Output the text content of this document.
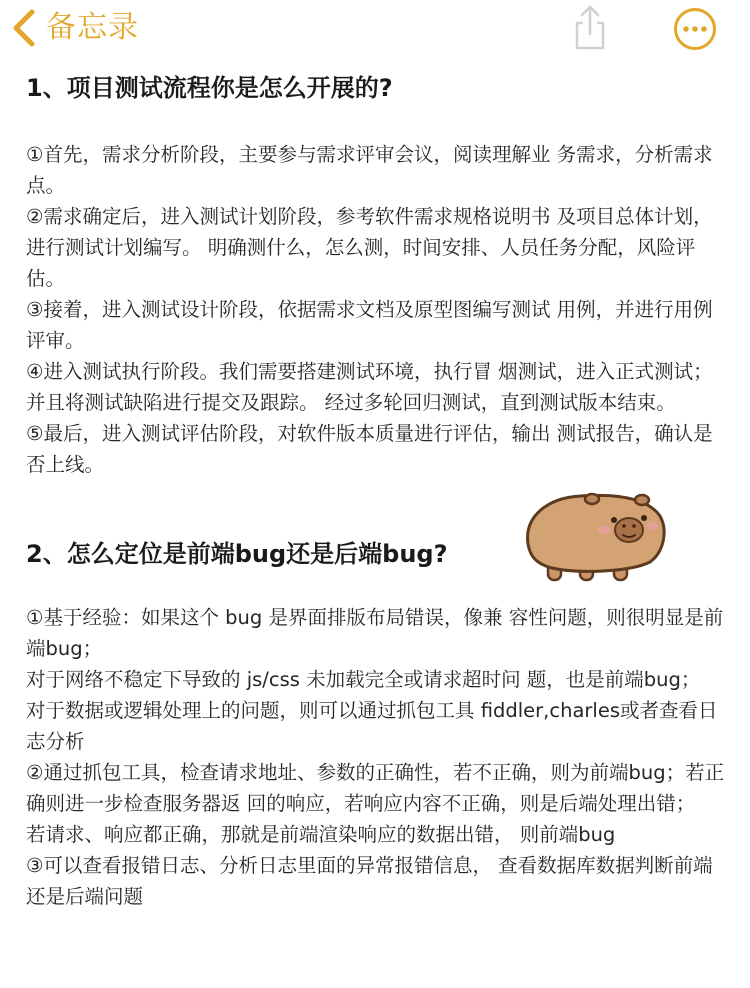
备忘录
1、项目测试流程你是怎么开展的?

①首先，需求分析阶段，主要参与需求评审会议，阅读理解业 务需求，分析需求点。

②需求确定后，进入测试计划阶段，参考软件需求规格说明书 及项目总体计划，进行测试计划编写。 明确测什么，怎么测，时间安排、人员任务分配，风险评估。

③接着，进入测试设计阶段，依据需求文档及原型图编写测试 用例，并进行用例评审。

④进入测试执行阶段。我们需要搭建测试环境，执行冒 烟测试，进入正式测试；并且将测试缺陷进行提交及跟踪。 经过多轮回归测试，直到测试版本结束。

⑤最后，进入测试评估阶段，对软件版本质量进行评估，输出 测试报告，确认是否上线。

2、怎么定位是前端bug还是后端bug?

①基于经验：如果这个 bug 是界面排版布局错误，像兼 容性问题，则很明显是前端bug；

对于网络不稳定下导致的 js/css 未加载完全或请求超时问 题，也是前端bug；

对于数据或逻辑处理上的问题，则可以通过抓包工具 fiddler,charles或者查看日志分析

②通过抓包工具，检查请求地址、参数的正确性，若不正确，则为前端bug；若正确则进一步检查服务器返 回的响应，若响应内容不正确，则是后端处理出错；

若请求、响应都正确，那就是前端渲染响应的数据出错， 则前端bug

③可以查看报错日志、分析日志里面的异常报错信息， 查看数据库数据判断前端还是后端问题
